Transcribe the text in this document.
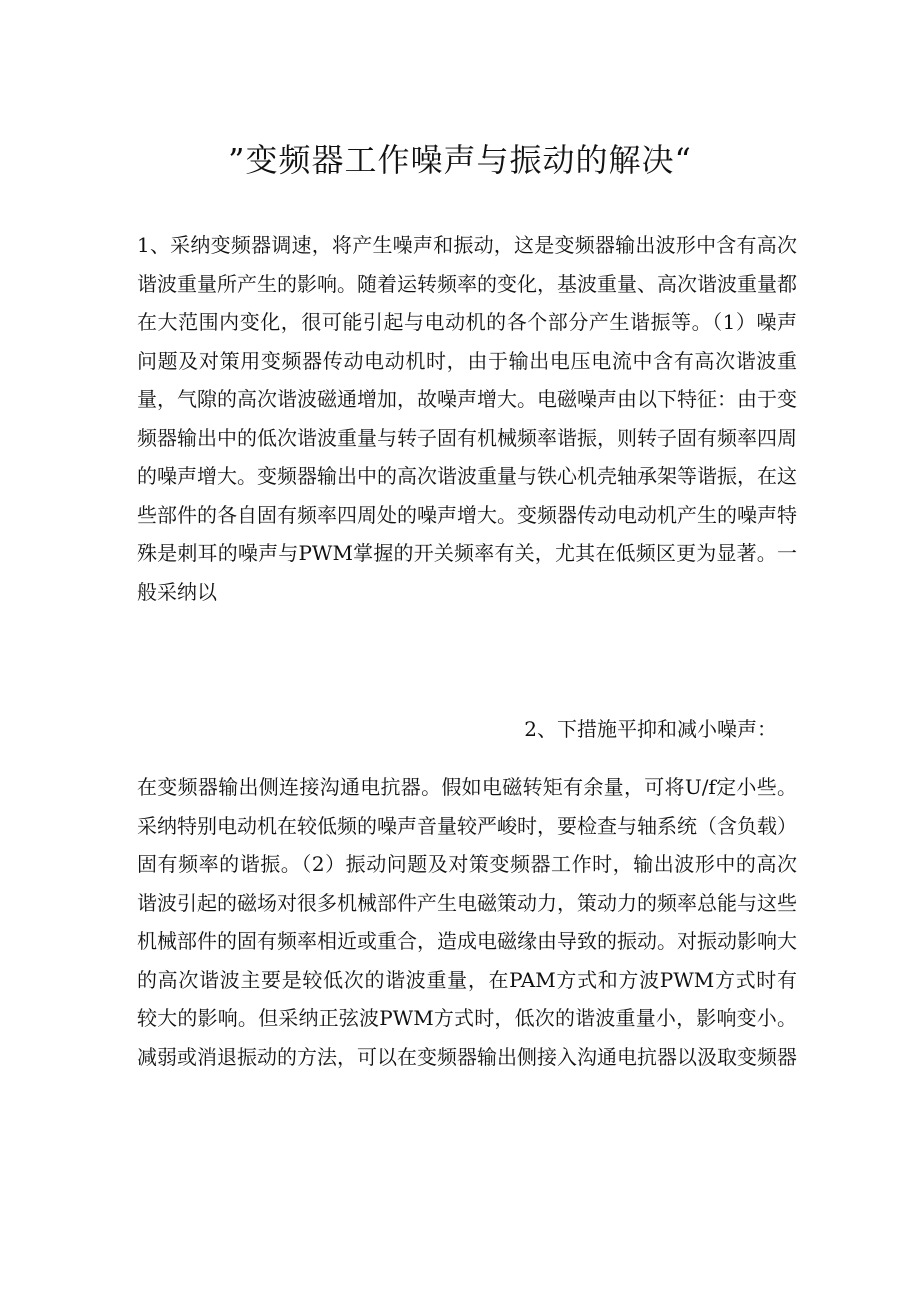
”变频器工作噪声与振动的解决“

1、采纳变频器调速，将产生噪声和振动，这是变频器输出波形中含有高次谐波重量所产生的影响。随着运转频率的变化，基波重量、高次谐波重量都在大范围内变化，很可能引起与电动机的各个部分产生谐振等。（1）噪声问题及对策用变频器传动电动机时，由于输出电压电流中含有高次谐波重量，气隙的高次谐波磁通增加，故噪声增大。电磁噪声由以下特征：由于变频器输出中的低次谐波重量与转子固有机械频率谐振，则转子固有频率四周的噪声增大。变频器输出中的高次谐波重量与铁心机壳轴承架等谐振，在这些部件的各自固有频率四周处的噪声增大。变频器传动电动机产生的噪声特殊是刺耳的噪声与PWM掌握的开关频率有关，尤其在低频区更为显著。一般采纳以

2、下措施平抑和减小噪声：

在变频器输出侧连接沟通电抗器。假如电磁转矩有余量，可将U/f定小些。采纳特别电动机在较低频的噪声音量较严峻时，要检查与轴系统（含负载）固有频率的谐振。（2）振动问题及对策变频器工作时，输出波形中的高次谐波引起的磁场对很多机械部件产生电磁策动力，策动力的频率总能与这些机械部件的固有频率相近或重合，造成电磁缘由导致的振动。对振动影响大的高次谐波主要是较低次的谐波重量，在PAM方式和方波PWM方式时有较大的影响。但采纳正弦波PWM方式时，低次的谐波重量小，影响变小。减弱或消退振动的方法，可以在变频器输出侧接入沟通电抗器以汲取变频器
